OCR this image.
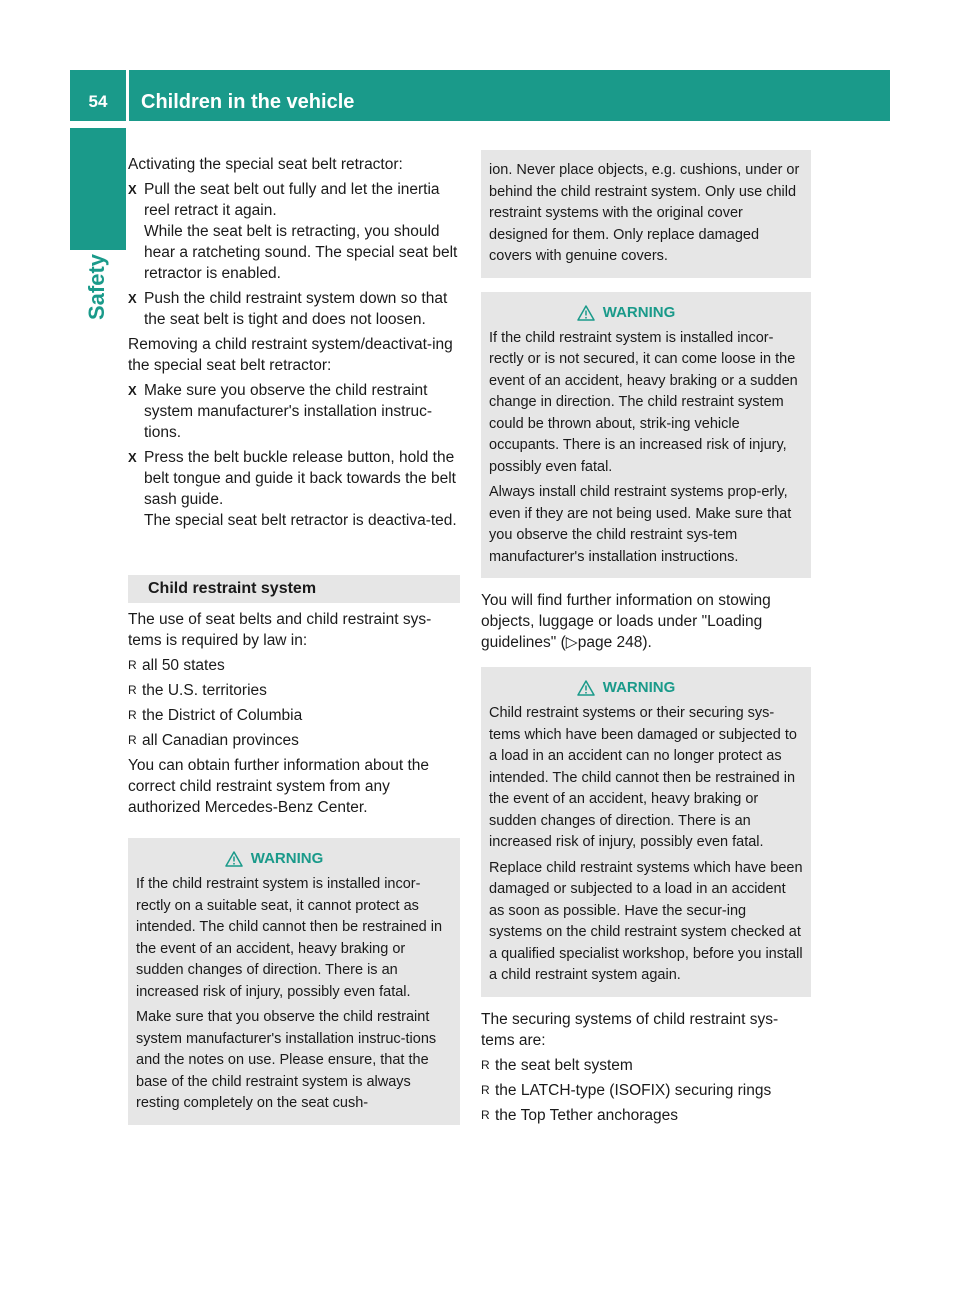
54	Children in the vehicle
Safety

Activating the special seat belt retractor:

X Pull the seat belt out fully and let the inertia reel retract it again.
While the seat belt is retracting, you should hear a ratcheting sound. The special seat belt retractor is enabled.
X Push the child restraint system down so that the seat belt is tight and does not loosen.

Removing a child restraint system/deactivat-ing the special seat belt retractor:

X Make sure you observe the child restraint system manufacturer's installation instruc-tions.
X Press the belt buckle release button, hold the belt tongue and guide it back towards the belt sash guide.
The special seat belt retractor is deactiva-ted.
Child restraint system

The use of seat belts and child restraint sys-tems is required by law in:

R all 50 states
R the U.S. territories
R the District of Columbia
R all Canadian provinces

You can obtain further information about the correct child restraint system from any authorized Mercedes-Benz Center.

WARNING

If the child restraint system is installed incor-rectly on a suitable seat, it cannot protect as intended. The child cannot then be restrained in the event of an accident, heavy braking or sudden changes of direction. There is an increased risk of injury, possibly even fatal.

Make sure that you observe the child restraint system manufacturer's installation instruc-tions and the notes on use. Please ensure, that the base of the child restraint system is always resting completely on the seat cush-

ion. Never place objects, e.g. cushions, under or behind the child restraint system. Only use child restraint systems with the original cover designed for them. Only replace damaged covers with genuine covers.

WARNING

If the child restraint system is installed incor-rectly or is not secured, it can come loose in the event of an accident, heavy braking or a sudden change in direction. The child restraint system could be thrown about, strik-ing vehicle occupants. There is an increased risk of injury, possibly even fatal.

Always install child restraint systems prop-erly, even if they are not being used. Make sure that you observe the child restraint sys-tem manufacturer's installation instructions.

You will find further information on stowing objects, luggage or loads under "Loading guidelines" (▷page 248).

WARNING

Child restraint systems or their securing sys-tems which have been damaged or subjected to a load in an accident can no longer protect as intended. The child cannot then be restrained in the event of an accident, heavy braking or sudden changes of direction. There is an increased risk of injury, possibly even fatal.

Replace child restraint systems which have been damaged or subjected to a load in an accident as soon as possible. Have the secur-ing systems on the child restraint system checked at a qualified specialist workshop, before you install a child restraint system again.

The securing systems of child restraint sys-tems are:

R the seat belt system
R the LATCH-type (ISOFIX) securing rings
R the Top Tether anchorages
